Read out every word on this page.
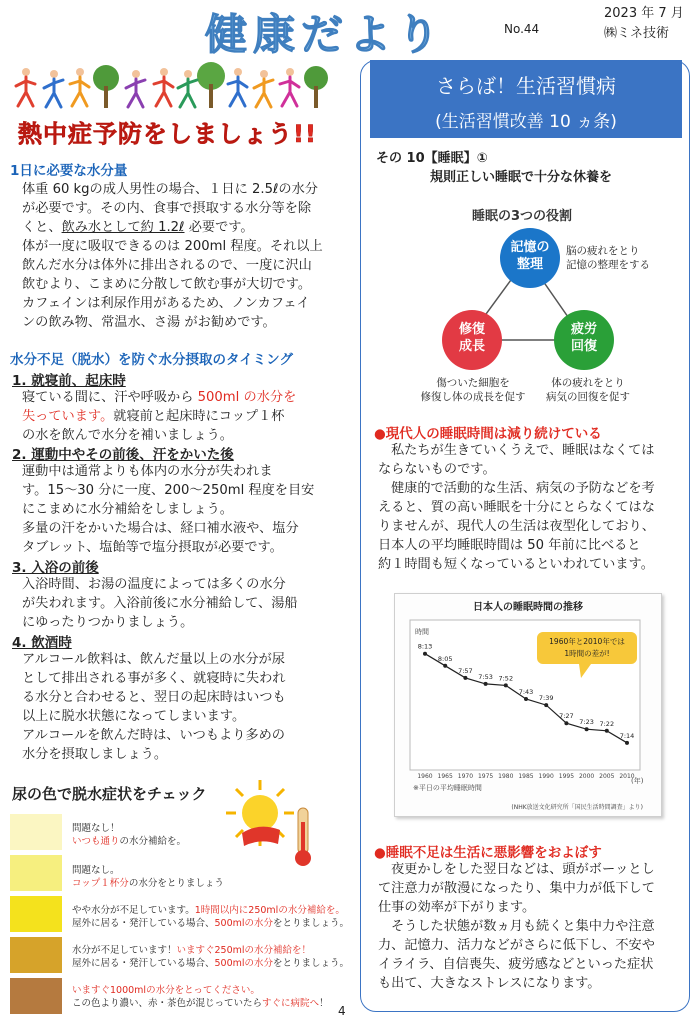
健康だより	No.44
2023 年 7 月
㈱ミネ技術
熱中症予防をしましょう!!
1日に必要な水分量
体重 60 kgの成人男性の場合、１日に 2.5ℓの水分
が必要です。その内、食事で摂取する水分等を除
くと、飲み水として約 1.2ℓ 必要です。
体が一度に吸収できるのは 200ml 程度。それ以上
飲んだ水分は体外に排出されるので、一度に沢山
飲むより、こまめに分散して飲む事が大切です。
カフェインは利尿作用があるため、ノンカフェイ
ンの飲み物、常温水、さ湯 がお勧めです。
水分不足（脱水）を防ぐ水分摂取のタイミング
1. 就寝前、起床時
寝ている間に、汗や呼吸から 500ml の水分を
失っています。就寝前と起床時にコップ１杯
の水を飲んで水分を補いましょう。
2. 運動中やその前後、汗をかいた後
運動中は通常よりも体内の水分が失われま
す。15～30 分に一度、200～250ml 程度を目安
にこまめに水分補給をしましょう。
多量の汗をかいた場合は、経口補水液や、塩分
タブレット、塩飴等で塩分摂取が必要です。
3. 入浴の前後
入浴時間、お湯の温度によっては多くの水分
が失われます。入浴前後に水分補給して、湯船
にゆったりつかりましょう。
4. 飲酒時
アルコール飲料は、飲んだ量以上の水分が尿
として排出される事が多く、就寝時に失われ
る水分と合わせると、翌日の起床時はいつも
以上に脱水状態になってしまいます。
アルコールを飲んだ時は、いつもより多めの
水分を摂取しましょう。
尿の色で脱水症状をチェック
問題なし！
いつも通りの水分補給を。
問題なし。
コップ１杯分の水分をとりましょう
やや水分が不足しています。1時間以内に250mlの水分補給を。
屋外に居る・発汗している場合、500mlの水分をとりましょう。
水分が不足しています！いますぐ250mlの水分補給を！
屋外に居る・発汗している場合、500mlの水分をとりましょう。
いますぐ1000mlの水分をとってください。
この色より濃い、赤・茶色が混じっていたらすぐに病院へ！
さらば！生活習慣病
(生活習慣改善 10 ヵ条)
その 10【睡眠】①
規則正しい睡眠で十分な休養を
睡眠の3つの役割
記憶の
整理
脳の疲れをとり
記憶の整理をする
修復
成長
傷ついた細胞を
修復し体の成長を促す
疲労
回復
体の疲れをとり
病気の回復を促す
●現代人の睡眠時間は減り続けている
私たちが生きていくうえで、睡眠はなくては
ならないものです。
健康的で活動的な生活、病気の予防などを考
えると、質の高い睡眠を十分にとらなくてはな
りませんが、現代人の生活は夜型化しており、
日本人の平均睡眠時間は 50 年前に比べると
約１時間も短くなっているといわれています。
日本人の睡眠時間の推移
時間
(年)
※平日の平均睡眠時間
(NHK放送文化研究所「国民生活時間調査」より)
8:13
1960
8:05
1965
7:57
1970
7:53
1975
7:52
1980
7:43
1985
7:39
1990
7:27
1995
7:23
2000
7:22
2005
7:14
2010
1960年と2010年では
1時間の差が!
●睡眠不足は生活に悪影響をおよぼす
夜更かしをした翌日などは、頭がボーッとし
て注意力が散漫になったり、集中力が低下して
仕事の効率が下がります。
そうした状態が数ヵ月も続くと集中力や注意
力、記憶力、活力などがさらに低下し、不安や
イライラ、自信喪失、疲労感などといった症状
も出て、大きなストレスになります。
4
